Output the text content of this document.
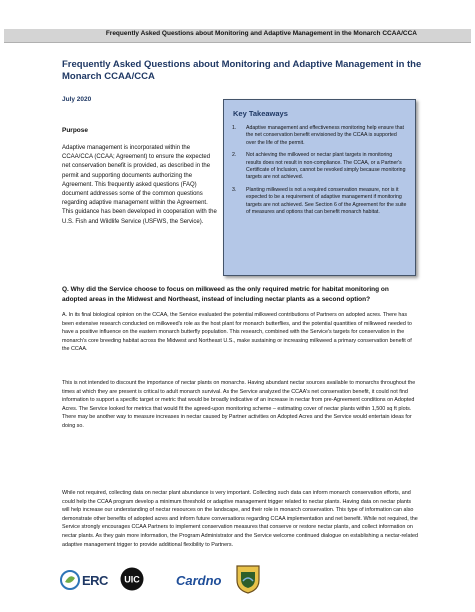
Frequently Asked Questions about Monitoring and Adaptive Management in the Monarch CCAA/CCA
Frequently Asked Questions about Monitoring and Adaptive Management in the Monarch CCAA/CCA
July 2020
Purpose
Adaptive management is incorporated within the CCAA/CCA (CCAA; Agreement) to ensure the expected net conservation benefit is provided, as described in the permit and supporting documents authorizing the Agreement. This frequently asked questions (FAQ) document addresses some of the common questions regarding adaptive management within the Agreement. This guidance has been developed in cooperation with the U.S. Fish and Wildlife Service (USFWS, the Service).
Key Takeaways
1. Adaptive management and effectiveness monitoring help ensure that the net conservation benefit envisioned by the CCAA is supported over the life of the permit.
2. Not achieving the milkweed or nectar plant targets in monitoring results does not result in non-compliance. The CCAA, or a Partner's Certificate of Inclusion, cannot be revoked simply because monitoring targets are not achieved.
3. Planting milkweed is not a required conservation measure, nor is it expected to be a requirement of adaptive management if monitoring targets are not achieved. See Section 6 of the Agreement for the suite of measures and options that can benefit monarch habitat.
Q. Why did the Service choose to focus on milkweed as the only required metric for habitat monitoring on adopted areas in the Midwest and Northeast, instead of including nectar plants as a second option?

A. In its final biological opinion on the CCAA, the Service evaluated the potential milkweed contributions of Partners on adopted acres. There has been extensive research conducted on milkweed's role as the host plant for monarch butterflies, and the potential quantities of milkweed needed to have a positive influence on the eastern monarch butterfly population. This research, combined with the Service's targets for conservation in the monarch's core breeding habitat across the Midwest and Northeast U.S., make sustaining or increasing milkweed a primary conservation benefit of the CCAA.

This is not intended to discount the importance of nectar plants on monarchs. Having abundant nectar sources available to monarchs throughout the times at which they are present is critical to adult monarch survival. As the Service analyzed the CCAA's net conservation benefit, it could not find information to support a specific target or metric that would be broadly indicative of an increase in nectar from pre-Agreement conditions on Adopted Acres. The Service looked for metrics that would fit the agreed-upon monitoring scheme – estimating cover of nectar plants within 1,500 sq ft plots. There may be another way to measure increases in nectar caused by Partner activities on Adopted Acres and the Service would entertain ideas for doing so.

While not required, collecting data on nectar plant abundance is very important. Collecting such data can inform monarch conservation efforts, and could help the CCAA program develop a minimum threshold or adaptive management trigger related to nectar plants. Having data on nectar plants will help increase our understanding of nectar resources on the landscape, and their role in monarch conservation. This type of information can also demonstrate other benefits of adopted acres and inform future conversations regarding CCAA implementation and net benefit. While not required, the Service strongly encourages CCAA Partners to implement conservation measures that conserve or restore nectar plants, and collect information on nectar plants. As they gain more information, the Program Administrator and the Service welcome continued dialogue on establishing a nectar-related adaptive management trigger to provide additional flexibility to Partners.

ERC UIC	Cardno
